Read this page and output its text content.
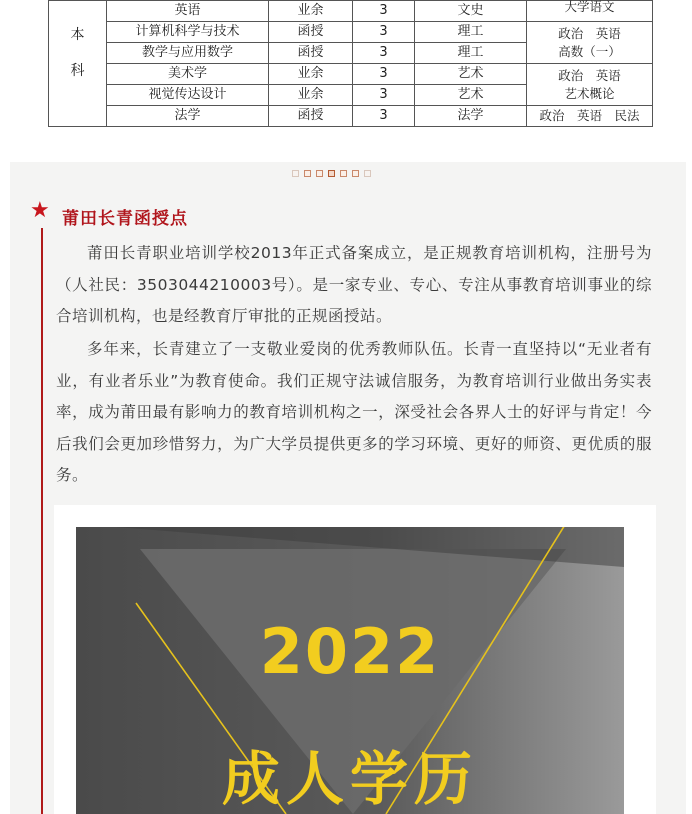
本
科	英语	业余	3	文史	大学语文

	计算机科学与技术	函授	3	理工	政治　英语
高数（一）

	教学与应用数学	函授	3	理工	
	美术学	业余	3	艺术	政治　英语
艺术概论

	视觉传达设计	业余	3	艺术	
	法学	函授	3	法学	政治　英语　民法
★ 莆田长青函授点

莆田长青职业培训学校2013年正式备案成立，是正规教育培训机构，注册号为（人社民：3503044210003号）。是一家专业、专心、专注从事教育培训事业的综合培训机构，也是经教育厅审批的正规函授站。

多年来，长青建立了一支敬业爱岗的优秀教师队伍。长青一直坚持以“无业者有业，有业者乐业”为教育使命。我们正规守法诚信服务，为教育培训行业做出务实表率，成为莆田最有影响力的教育培训机构之一，深受社会各界人士的好评与肯定！今后我们会更加珍惜努力，为广大学员提供更多的学习环境、更好的师资、更优质的服务。

2022
成人学历
